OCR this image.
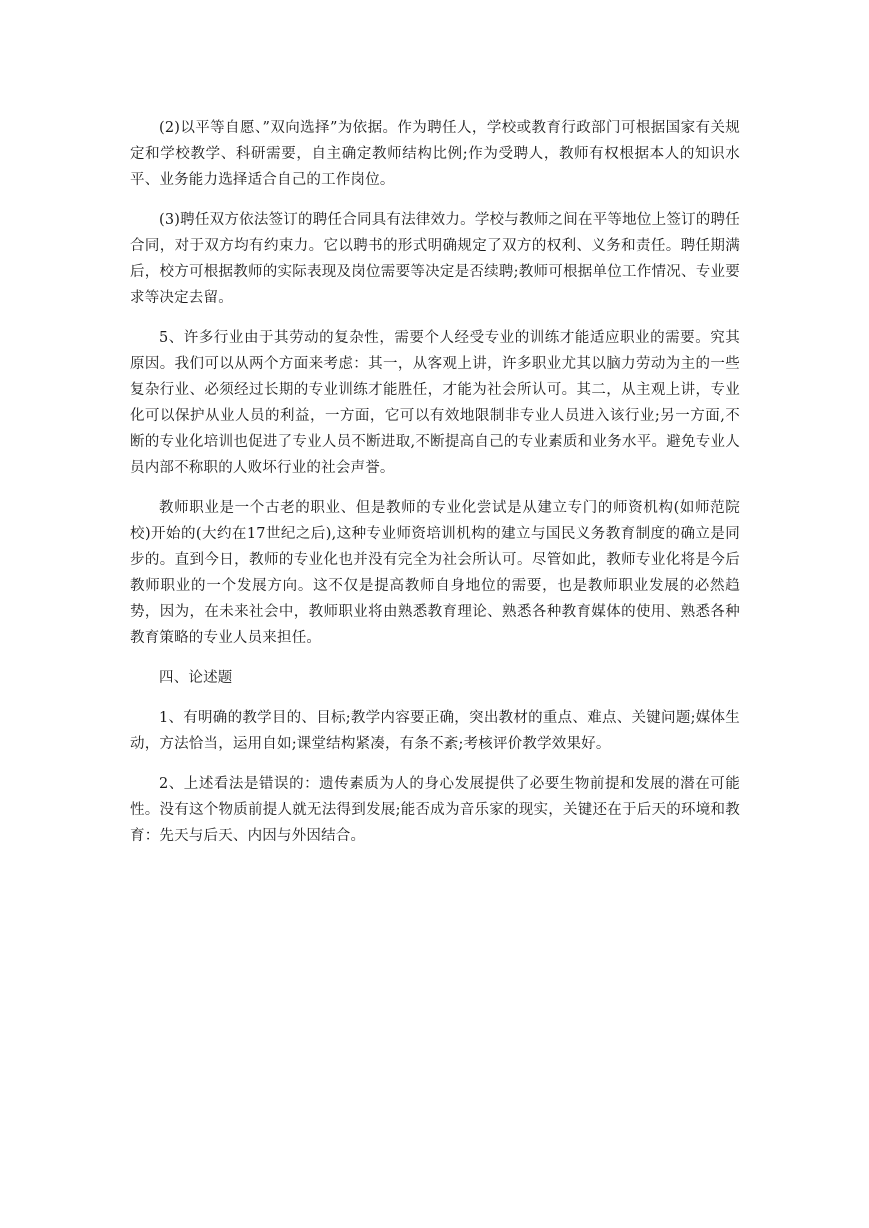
(2)以平等自愿、”双向选择”为依据。作为聘任人，学校或教育行政部门可根据国家有关规定和学校教学、科研需要，自主确定教师结构比例;作为受聘人，教师有权根据本人的知识水平、业务能力选择适合自己的工作岗位。

(3)聘任双方依法签订的聘任合同具有法律效力。学校与教师之间在平等地位上签订的聘任合同，对于双方均有约束力。它以聘书的形式明确规定了双方的权利、义务和责任。聘任期满后，校方可根据教师的实际表现及岗位需要等决定是否续聘;教师可根据单位工作情况、专业要求等决定去留。

5、许多行业由于其劳动的复杂性，需要个人经受专业的训练才能适应职业的需要。究其原因。我们可以从两个方面来考虑：其一，从客观上讲，许多职业尤其以脑力劳动为主的一些复杂行业、必须经过长期的专业训练才能胜任，才能为社会所认可。其二，从主观上讲，专业化可以保护从业人员的利益，一方面，它可以有效地限制非专业人员进入该行业;另一方面,不断的专业化培训也促进了专业人员不断进取,不断提高自己的专业素质和业务水平。避免专业人员内部不称职的人败坏行业的社会声誉。

教师职业是一个古老的职业、但是教师的专业化尝试是从建立专门的师资机构(如师范院校)开始的(大约在17世纪之后),这种专业师资培训机构的建立与国民义务教育制度的确立是同步的。直到今日，教师的专业化也并没有完全为社会所认可。尽管如此，教师专业化将是今后教师职业的一个发展方向。这不仅是提高教师自身地位的需要，也是教师职业发展的必然趋势，因为，在未来社会中，教师职业将由熟悉教育理论、熟悉各种教育媒体的使用、熟悉各种教育策略的专业人员来担任。

四、论述题

1、有明确的教学目的、目标;教学内容要正确，突出教材的重点、难点、关键问题;媒体生动，方法恰当，运用自如;课堂结构紧凑，有条不紊;考核评价教学效果好。

2、上述看法是错误的：遗传素质为人的身心发展提供了必要生物前提和发展的潜在可能性。没有这个物质前提人就无法得到发展;能否成为音乐家的现实，关键还在于后天的环境和教育：先天与后天、内因与外因结合。
